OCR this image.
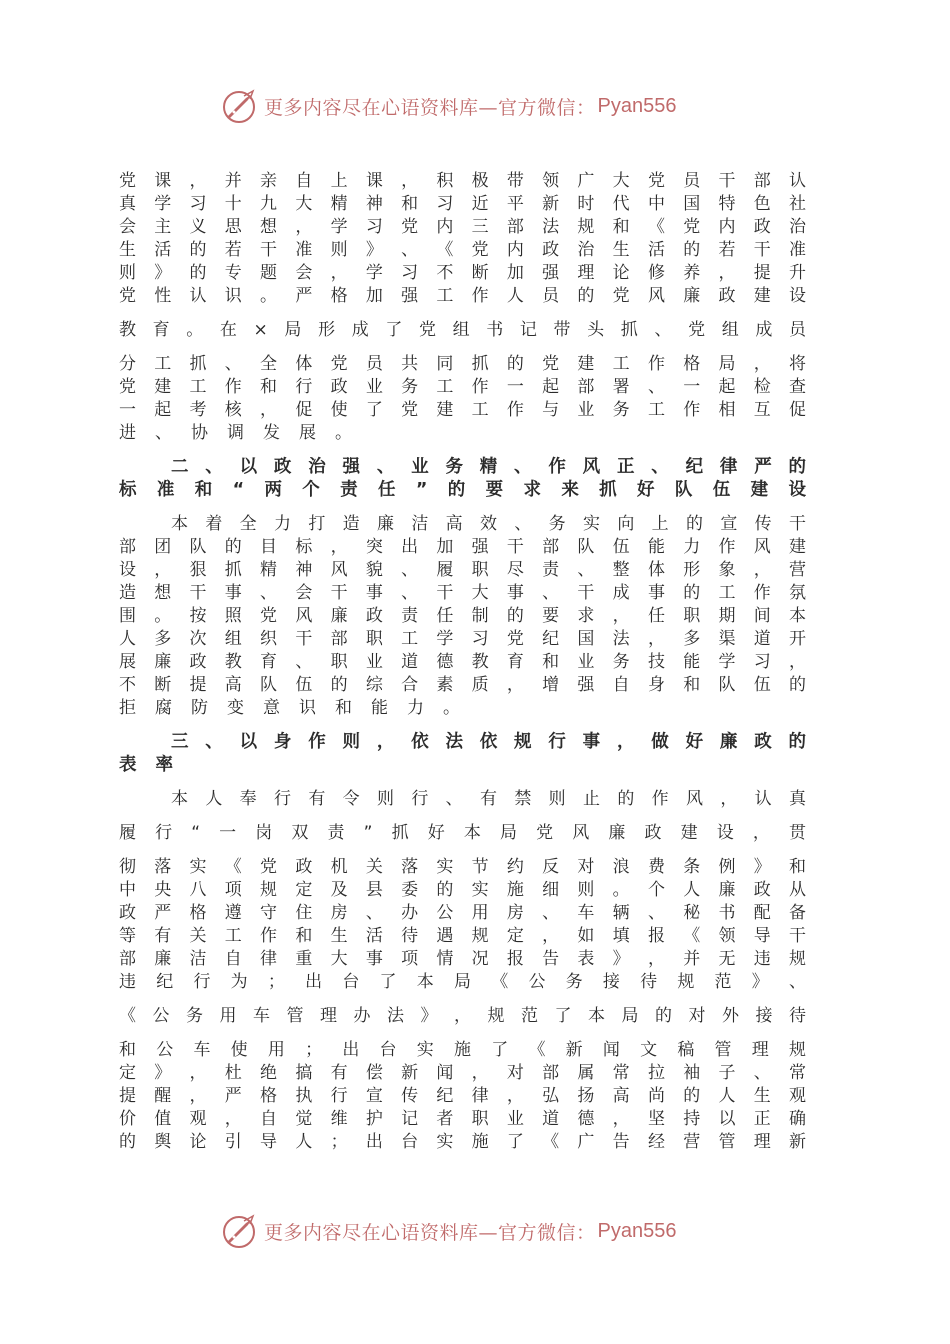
更多内容尽在心语资料库—官方微信： Pyan556
党​课​，​并​亲​自​上​课​，​积​极​带​领​广​大​党​员​干​部​认
真​学​习​十​九​大​精​神​和​习​近​平​新​时​代​中​国​特​色​社
会​主​义​思​想​，​学​习​党​内​三​部​法​规​和​《​党​内​政​治
生​活​的​若​干​准​则​》​、​《​党​内​政​治​生​活​的​若​干​准
则​》​的​专​题​会​，​学​习​不​断​加​强​理​论​修​养​，​提​升
党​性​认​识​。​严​格​加​强​工​作​人​员​的​党​风​廉​政​建​设
教​育​。​在​×​局​形​成​了​党​组​书​记​带​头​抓​、​党​组​成​员
分​工​抓​、​全​体​党​员​共​同​抓​的​党​建​工​作​格​局​，​将
党​建​工​作​和​行​政​业​务​工​作​一​起​部​署​、​一​起​检​查
一​起​考​核​，​促​使​了​党​建​工​作​与​业​务​工​作​相​互​促
进、协调发展。
二​、​以​政​治​强​、​业​务​精​、​作​风​正​、​纪​律​严​的
标​准​和​“​两​个​责​任​”​的​要​求​来​抓​好​队​伍​建​设
本​着​全​力​打​造​廉​洁​高​效​、​务​实​向​上​的​宣​传​干
部​团​队​的​目​标​，​突​出​加​强​干​部​队​伍​能​力​作​风​建
设​，​狠​抓​精​神​风​貌​、​履​职​尽​责​、​整​体​形​象​，​营
造​想​干​事​、​会​干​事​、​干​大​事​、​干​成​事​的​工​作​氛
围​。​按​照​党​风​廉​政​责​任​制​的​要​求​，​任​职​期​间​本
人​多​次​组​织​干​部​职​工​学​习​党​纪​国​法​，​多​渠​道​开
展​廉​政​教​育​、​职​业​道​德​教​育​和​业​务​技​能​学​习​，
不​断​提​高​队​伍​的​综​合​素​质​，​增​强​自​身​和​队​伍​的
拒腐防变意识和能力。
三​、​以​身​作​则​，​依​法​依​规​行​事​，​做​好​廉​政​的
表率
本​人​奉​行​有​令​则​行​、​有​禁​则​止​的​作​风​，​认​真
履​行​“​一​岗​双​责​”​抓​好​本​局​党​风​廉​政​建​设​，​贯
彻​落​实​《​党​政​机​关​落​实​节​约​反​对​浪​费​条​例​》​和
中​央​八​项​规​定​及​县​委​的​实​施​细​则​。​个​人​廉​政​从
政​严​格​遵​守​住​房​、​办​公​用​房​、​车​辆​、​秘​书​配​备
等​有​关​工​作​和​生​活​待​遇​规​定​，​如​填​报​《​领​导​干
部​廉​洁​自​律​重​大​事​项​情​况​报​告​表​》​，​并​无​违​规
违​纪​行​为​；​出​台​了​本​局​《​公​务​接​待​规​范​》​、
《​公​务​用​车​管​理​办​法​》​，​规​范​了​本​局​的​对​外​接​待
和​公​车​使​用​；​出​台​实​施​了​《​新​闻​文​稿​管​理​规
定​》​，​杜​绝​搞​有​偿​新​闻​，​对​部​属​常​拉​袖​子​、​常
提​醒​，​严​格​执​行​宣​传​纪​律​，​弘​扬​高​尚​的​人​生​观
价​值​观​，​自​觉​维​护​记​者​职​业​道​德​，​坚​持​以​正​确
的​舆​论​引​导​人​；​出​台​实​施​了​《​广​告​经​营​管​理​新
更多内容尽在心语资料库—官方微信： Pyan556
